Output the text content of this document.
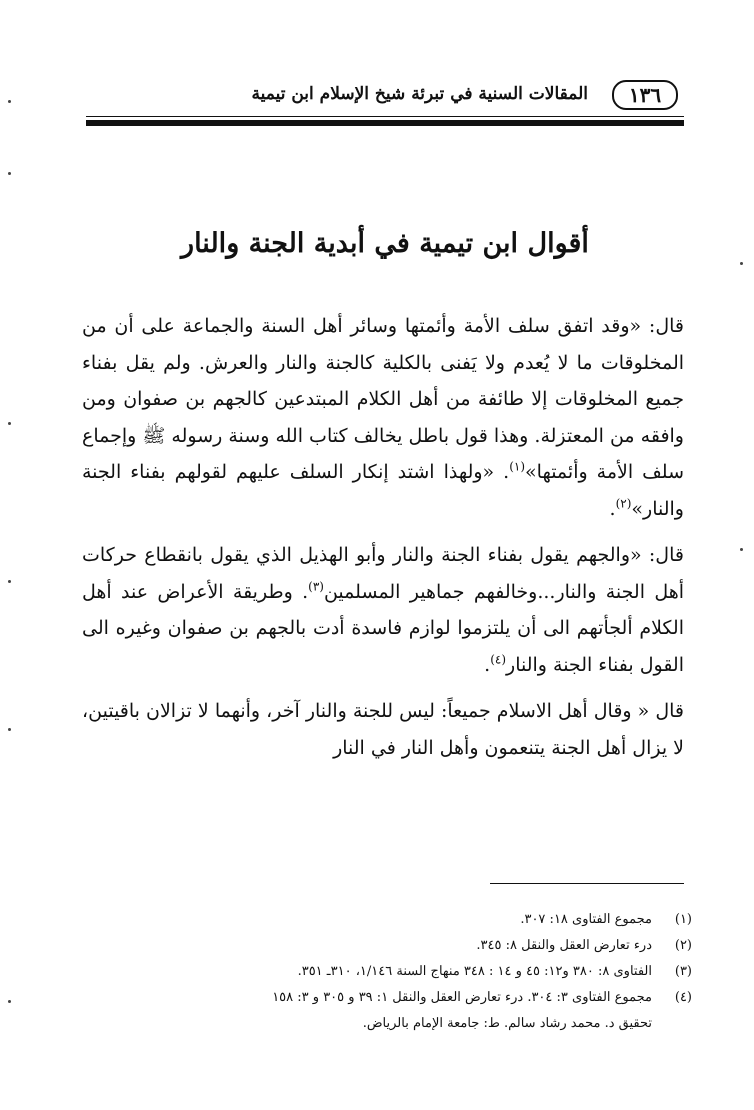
١٣٦
المقالات السنية في تبرئة شيخ الإسلام ابن تيمية
أقوال ابن تيمية في أبدية الجنة والنار

قال: «وقد اتفق سلف الأمة وأئمتها وسائر أهل السنة والجماعة على أن من المخلوقات ما لا يُعدم ولا يَفنى بالكلية كالجنة والنار والعرش. ولم يقل بفناء جميع المخلوقات إلا طائفة من أهل الكلام المبتدعين كالجهم بن صفوان ومن وافقه من المعتزلة. وهذا قول باطل يخالف كتاب الله وسنة رسوله ﷺ وإجماع سلف الأمة وأئمتها»$^{(١)}$. «ولهذا اشتد إنكار السلف عليهم لقولهم بفناء الجنة والنار»$^{(٢)}$.

قال: «والجهم يقول بفناء الجنة والنار وأبو الهذيل الذي يقول بانقطاع حركات أهل الجنة والنار...وخالفهم جماهير المسلمين$^{(٣)}$. وطريقة الأعراض عند أهل الكلام ألجأتهم الى أن يلتزموا لوازم فاسدة أدت بالجهم بن صفوان وغيره الى القول بفناء الجنة والنار$^{(٤)}$.

قال « وقال أهل الاسلام جميعاً: ليس للجنة والنار آخر، وأنهما لا تزالان باقيتين، لا يزال أهل الجنة يتنعمون وأهل النار في النار

(١)
مجموع الفتاوى ١٨: ٣٠٧.
(٢)
درء تعارض العقل والنقل ٨: ٣٤٥.
(٣)
الفتاوى ٨: ٣٨٠ و١٢: ٤٥ و ١٤ : ٣٤٨ منهاج السنة ١/١٤٦، ٣١٠ـ ٣٥١.
(٤)
مجموع الفتاوى ٣: ٣٠٤. درء تعارض العقل والنقل ١: ٣٩ و ٣٠٥ و ٣: ١٥٨
تحقيق د. محمد رشاد سالم. ط: جامعة الإمام بالرياض.
